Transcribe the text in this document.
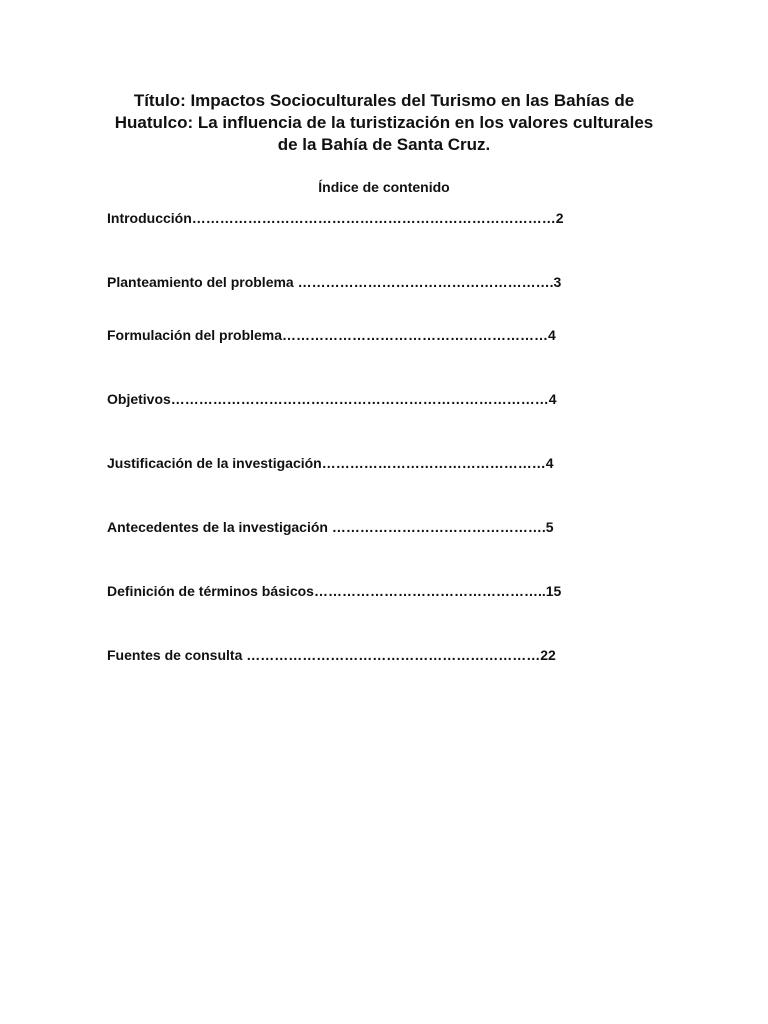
Título: Impactos Socioculturales del Turismo en las Bahías de Huatulco: La influencia de la turistización en los valores culturales de la Bahía de Santa Cruz.
Índice de contenido
Introducción……………………………………………………………………2
Planteamiento del problema ……………………………………………….3
Formulación del problema…………………………………………………4
Objetivos………………………………………………………………………4
Justificación de la investigación…………………………………………4
Antecedentes de la investigación ……………………………………….5
Definición de términos básicos…………………………………………..15
Fuentes de consulta ………………………………………………………22
